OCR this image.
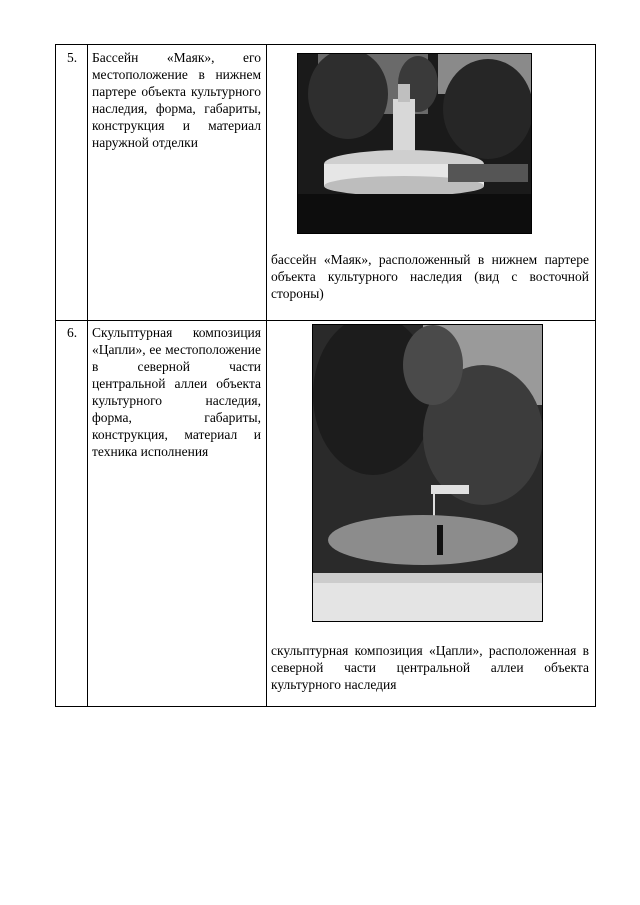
5. Бассейн «Маяк», его местоположение в нижнем партере объекта культурного наследия, форма, габариты, конструкция и материал наружной отделки
бассейн «Маяк», расположенный в нижнем партере объекта культурного наследия (вид с восточной стороны)
6. Скульптурная композиция «Цапли», ее местоположение в северной части центральной аллеи объекта культурного наследия, форма, габариты, конструкция, материал и техника исполнения
скульптурная композиция «Цапли», расположенная в северной части центральной аллеи объекта культурного наследия
